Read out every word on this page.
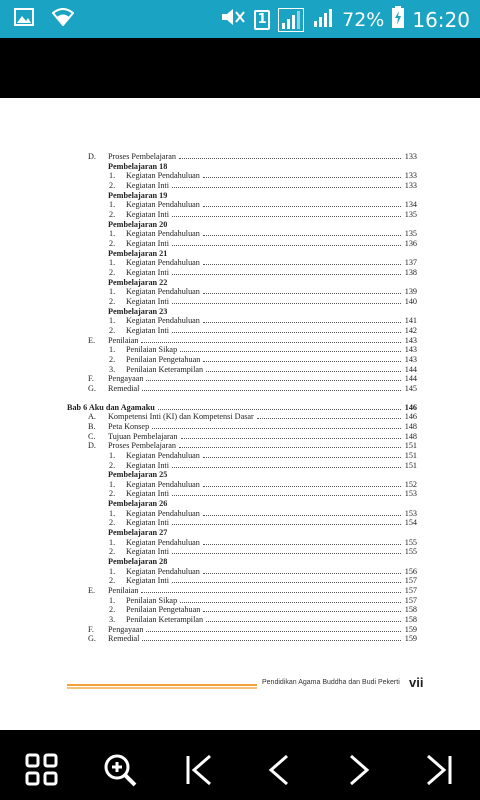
1	72% 16:20
D. Proses Pembelajaran	133
Pembelajaran 18
1. Kegiatan Pendahuluan	133
2. Kegiatan Inti	133
Pembelajaran 19
1. Kegiatan Pendahuluan	134
2. Kegiatan Inti	135
Pembelajaran 20
1. Kegiatan Pendahuluan	135
2. Kegiatan Inti	136
Pembelajaran 21
1. Kegiatan Pendahuluan	137
2. Kegiatan Inti	138
Pembelajaran 22
1. Kegiatan Pendahuluan	139
2. Kegiatan Inti	140
Pembelajaran 23
1. Kegiatan Pendahuluan	141
2. Kegiatan Inti	142
E. Penilaian	143
1. Penilaian Sikap	143
2. Penilaian Pengetahuan	143
3. Penilaian Keterampilan	144
F. Pengayaan	144
G. Remedial	145
Bab 6 Aku dan Agamaku	146
A. Kompetensi Inti (KI) dan Kompetensi Dasar	146
B. Peta Konsep	148
C. Tujuan Pembelajaran	148
D. Proses Pembelajaran	151
1. Kegiatan Pendahuluan	151
2. Kegiatan Inti	151
Pembelajaran 25
1. Kegiatan Pendahuluan	152
2. Kegiatan Inti	153
Pembelajaran 26
1. Kegiatan Pendahuluan	153
2. Kegiatan Inti	154
Pembelajaran 27
1. Kegiatan Pendahuluan	155
2. Kegiatan Inti	155
Pembelajaran 28
1. Kegiatan Pendahuluan	156
2. Kegiatan Inti	157
E. Penilaian	157
1. Penilaian Sikap	157
2. Penilaian Pengetahuan	158
3. Penilaian Keterampilan	158
F. Pengayaan	159
G. Remedial	159
Pendidikan Agama Buddha dan Budi Pekerti vii
